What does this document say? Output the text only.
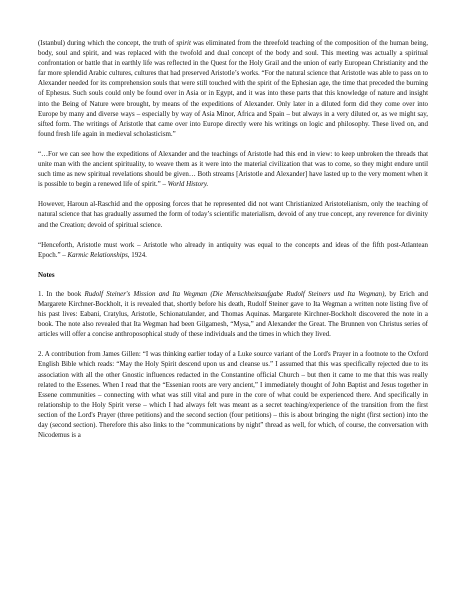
(Istanbul) during which the concept, the truth of spirit was eliminated from the threefold teaching of the composition of the human being, body, soul and spirit, and was replaced with the twofold and dual concept of the body and soul. This meeting was actually a spiritual confrontation or battle that in earthly life was reflected in the Quest for the Holy Grail and the union of early European Christianity and the far more splendid Arabic cultures, cultures that had preserved Aristotle’s works. “For the natural science that Aristotle was able to pass on to Alexander needed for its comprehension souls that were still touched with the spirit of the Ephesian age, the time that preceded the burning of Ephesus. Such souls could only be found over in Asia or in Egypt, and it was into these parts that this knowledge of nature and insight into the Being of Nature were brought, by means of the expeditions of Alexander. Only later in a diluted form did they come over into Europe by many and diverse ways – especially by way of Asia Minor, Africa and Spain – but always in a very diluted or, as we might say, sifted form. The writings of Aristotle that came over into Europe directly were his writings on logic and philosophy. These lived on, and found fresh life again in medieval scholasticism.”

“…For we can see how the expeditions of Alexander and the teachings of Aristotle had this end in view: to keep unbroken the threads that unite man with the ancient spirituality, to weave them as it were into the material civilization that was to come, so they might endure until such time as new spiritual revelations should be given… Both streams [Aristotle and Alexander] have lasted up to the very moment when it is possible to begin a renewed life of spirit.” – World History.

However, Haroun al-Raschid and the opposing forces that he represented did not want Christianized Aristotelianism, only the teaching of natural science that has gradually assumed the form of today’s scientific materialism, devoid of any true concept, any reverence for divinity and the Creation; devoid of spiritual science.

“Henceforth, Aristotle must work – Aristotle who already in antiquity was equal to the concepts and ideas of the fifth post-Atlantean Epoch.” – Karmic Relationships, 1924.

Notes

1. In the book Rudolf Steiner's Mission and Ita Wegman (Die Menschheitsaufgabe Rudolf Steiners und Ita Wegman), by Erich and Margarete Kirchner-Bockholt, it is revealed that, shortly before his death, Rudolf Steiner gave to Ita Wegman a written note listing five of his past lives: Eabani, Cratylus, Aristotle, Schionatulander, and Thomas Aquinas. Margarete Kirchner-Bockholt discovered the note in a book. The note also revealed that Ita Wegman had been Gilgamesh, “Mysa,” and Alexander the Great. The Brunnen von Christus series of articles will offer a concise anthroposophical study of these individuals and the times in which they lived.

2. A contribution from James Gillen: “I was thinking earlier today of a Luke source variant of the Lord's Prayer in a footnote to the Oxford English Bible which reads: “May the Holy Spirit descend upon us and cleanse us.” I assumed that this was specifically rejected due to its association with all the other Gnostic influences redacted in the Constantine official Church – but then it came to me that this was really related to the Essenes. When I read that the “Essenian roots are very ancient,” I immediately thought of John Baptist and Jesus together in Essene communities – connecting with what was still vital and pure in the core of what could be experienced there. And specifically in relationship to the Holy Spirit verse – which I had always felt was meant as a secret teaching/experience of the transition from the first section of the Lord's Prayer (three petitions) and the second section (four petitions) – this is about bringing the night (first section) into the day (second section). Therefore this also links to the “communications by night” thread as well, for which, of course, the conversation with Nicodemus is a
